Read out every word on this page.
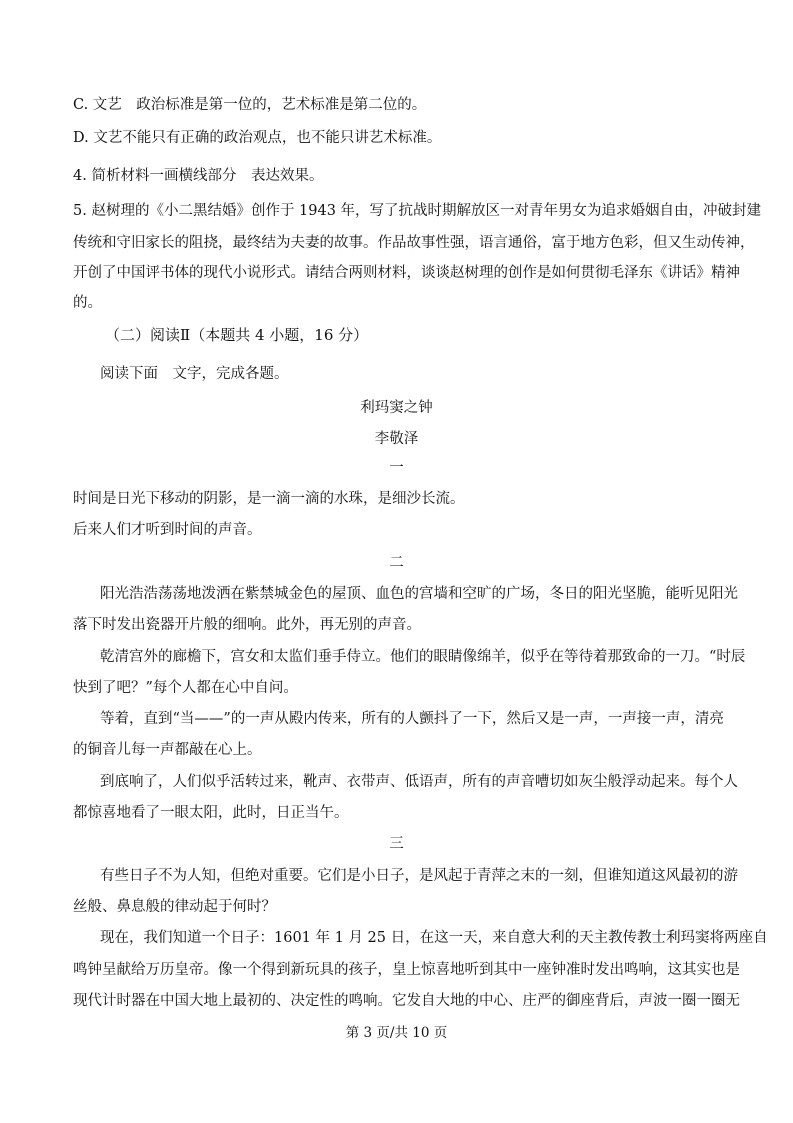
C. 文艺　政治标准是第一位的，艺术标准是第二位的。
D. 文艺不能只有正确的政治观点，也不能只讲艺术标准。
4. 简析材料一画横线部分　表达效果。
5. 赵树理的《小二黑结婚》创作于 1943 年，写了抗战时期解放区一对青年男女为追求婚姻自由，冲破封建
传统和守旧家长的阻挠，最终结为夫妻的故事。作品故事性强，语言通俗，富于地方色彩，但又生动传神，
开创了中国评书体的现代小说形式。请结合两则材料，谈谈赵树理的创作是如何贯彻毛泽东《讲话》精神
的。
（二）阅读Ⅱ（本题共 4 小题，16 分）
阅读下面　文字，完成各题。
利玛窦之钟
李敬泽
一
时间是日光下移动的阴影，是一滴一滴的水珠，是细沙长流。
后来人们才听到时间的声音。
二
阳光浩浩荡荡地泼洒在紫禁城金色的屋顶、血色的宫墙和空旷的广场，冬日的阳光坚脆，能听见阳光
落下时发出瓷器开片般的细响。此外，再无别的声音。
乾清宫外的廊檐下，宫女和太监们垂手侍立。他们的眼睛像绵羊，似乎在等待着那致命的一刀。“时辰
快到了吧？”每个人都在心中自问。
等着，直到“当——”的一声从殿内传来，所有的人颤抖了一下，然后又是一声，一声接一声，清亮
的铜音儿每一声都敲在心上。
到底响了，人们似乎活转过来，靴声、衣带声、低语声，所有的声音嘈切如灰尘般浮动起来。每个人
都惊喜地看了一眼太阳，此时，日正当午。
三
有些日子不为人知，但绝对重要。它们是小日子，是风起于青萍之末的一刻，但谁知道这风最初的游
丝般、鼻息般的律动起于何时？
现在，我们知道一个日子：1601 年 1 月 25 日，在这一天，来自意大利的天主教传教士利玛窦将两座自
鸣钟呈献给万历皇帝。像一个得到新玩具的孩子，皇上惊喜地听到其中一座钟准时发出鸣响，这其实也是
现代计时器在中国大地上最初的、决定性的鸣响。它发自大地的中心、庄严的御座背后，声波一圈一圈无
第 3 页/共 10 页
